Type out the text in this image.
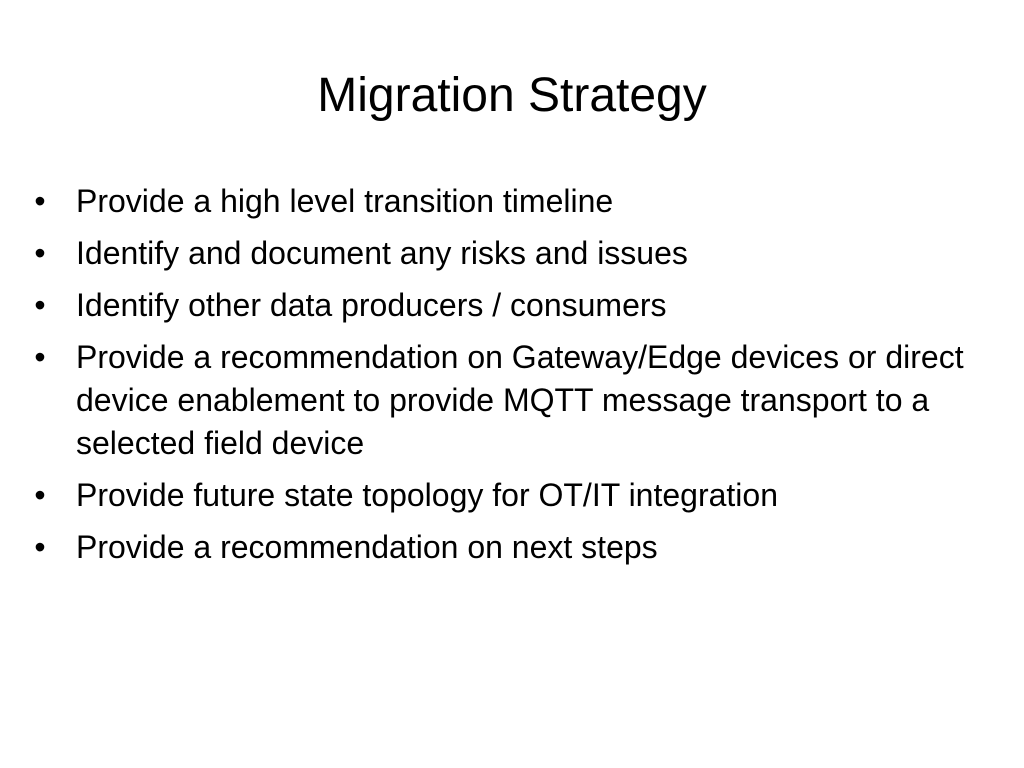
Migration Strategy
• Provide a high level transition timeline
• Identify and document any risks and issues
• Identify other data producers / consumers
• Provide a recommendation on Gateway/Edge devices or direct device enablement to provide MQTT message transport to a selected field device
• Provide future state topology for OT/IT integration
• Provide a recommendation on next steps
